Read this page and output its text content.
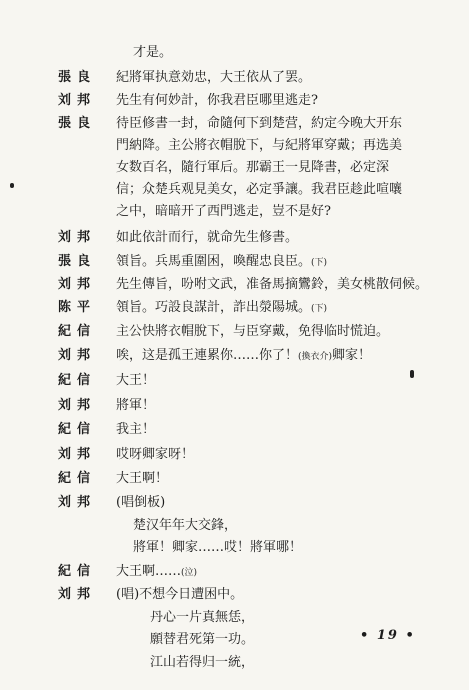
才是。
張良	紀將軍执意効忠，大王依从了罢。
刘邦	先生有何妙計，你我君臣哪里逃走?
張良	待臣修書一封，命隨何下到楚营，約定今晚大开东
門納降。主公將衣帽脫下，与紀將軍穿戴；再选美
女数百名，隨行軍后。那霸王一見降書，必定深
信；众楚兵观見美女，必定爭讓。我君臣趁此喧嚷
之中，暗暗开了西門逃走，豈不是好?
刘邦	如此依計而行，就命先生修書。
張良	領旨。兵馬重圍困，喚醒忠良臣。(下)
刘邦	先生傳旨，吩咐文武，准备馬摘鸞鈴，美女桃散伺候。
陈平	領旨。巧設良謀計，詐出滎陽城。(下)
紀信	主公快將衣帽脫下，与臣穿戴，免得临时慌迫。
刘邦	唉，这是孤王連累你……你了！(換衣介)卿家！
紀信	大王！
刘邦	將軍！
紀信	我主！
刘邦	哎呀卿家呀！
紀信	大王啊！
刘邦	(唱倒板)
楚汉年年大交鋒，
將軍！卿家……哎！將軍哪！
紀信	大王啊……(泣)
刘邦	(唱)不想今日遭困中。
丹心一片真無恁，
願替君死第一功。
江山若得归一統，
• 19 •
